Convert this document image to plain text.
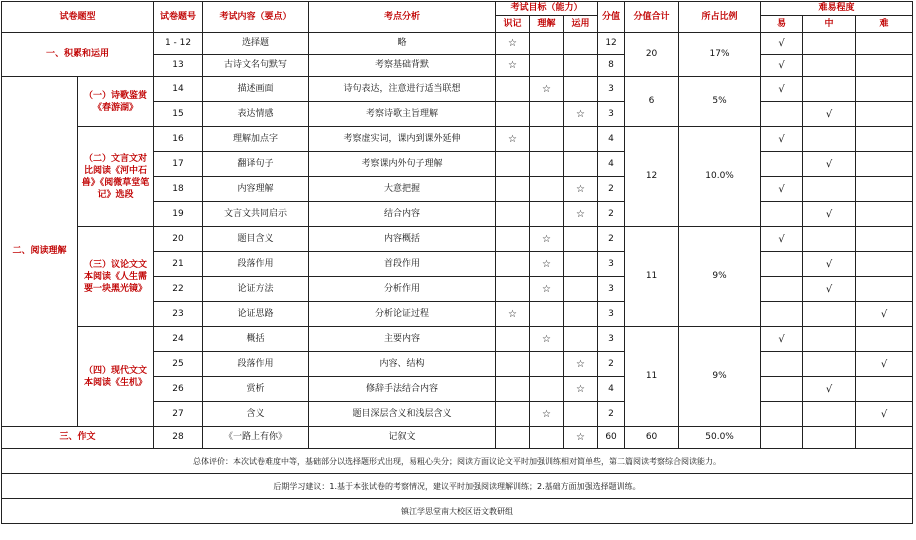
试卷题型		试卷题号	考试内容（要点）	考点分析	考试目标（能力）			分值	分值合计	所占比例	难易程度		
					识记	理解	运用				易	中	难
一、积累和运用		1 - 12	选择题	略	☆			12	20	17%	√		
		13	古诗文名句默写	考察基础背默	☆			8			√		
二、阅读理解	（一）诗歌鉴赏《春游湖》	14	描述画面	诗句表达，注意进行适当联想		☆		3	6	5%	√		
		15	表达情感	考察诗歌主旨理解			☆	3				√	
	（二）文言文对比阅读《河中石兽》《阅微草堂笔记》选段	16	理解加点字	考察虚实词，课内到课外延伸	☆			4	12	10.0%	√		
		17	翻译句子	考察课内外句子理解				4				√	
		18	内容理解	大意把握			☆	2			√		
		19	文言文共同启示	结合内容			☆	2				√	
	（三）议论文文本阅读《人生需要一块黑光镜》	20	题目含义	内容概括		☆		2	11	9%	√		
		21	段落作用	首段作用		☆		3				√	
		22	论证方法	分析作用		☆		3				√	
		23	论证思路	分析论证过程	☆			3					√
	（四）现代文文本阅读《生机》	24	概括	主要内容		☆		3	11	9%	√		
		25	段落作用	内容、结构			☆	2					√
		26	赏析	修辞手法结合内容			☆	4				√	
		27	含义	题目深层含义和浅层含义		☆		2					√
三、作文		28	《一路上有你》	记叙文			☆	60	60	50.0%			
总体评价：本次试卷难度中等，基础部分以选择题形式出现，易粗心失分；阅读方面议论文平时加强训练相对简单些，第二篇阅读考察综合阅读能力。													
后期学习建议：1.基于本张试卷的考察情况，建议平时加强阅读理解训练；2.基础方面加强选择题训练。													
镇江学思堂南大校区语文教研组													
